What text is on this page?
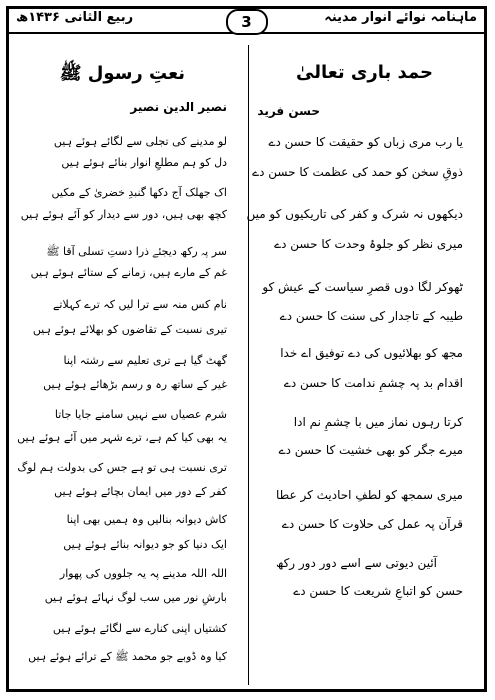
ماہنامہ نوائے انوار مدینہ
3
ربیع الثانی ۱۴۳۶ھ
حمد باری تعالیٰ
حسن فرید
یا رب مری زباں کو حقیقت کا حسن دے
ذوقِ سخن کو حمد کی عظمت کا حسن دے
دیکھوں نہ شرک و کفر کی تاریکیوں کو میں
میری نظر کو جلوۂ وحدت کا حسن دے
ٹھوکر لگا دوں قصرِ سیاست کے عیش کو
طیبہ کے تاجدار کی سنت کا حسن دے
مجھ کو بھلائیوں کی دے توفیق اے خدا
اقدام بد پہ چشمِ ندامت کا حسن دے
کرتا رہوں نماز میں با چشمِ نم ادا
میرے جگر کو بھی خشیت کا حسن دے
میری سمجھ کو لطفِ احادیث کر عطا
قرآن پہ عمل کی حلاوت کا حسن دے
آئین دیوتی سے اسے دور دور رکھ
حسن کو اتباعِ شریعت کا حسن دے
نعتِ رسول ﷺ
نصیر الدین نصیر
لو مدینے کی تجلی سے لگائے ہوئے ہیں
دل کو ہم مطلعِ انوار بنائے ہوئے ہیں
اک جھلک آج دکھا گنبدِ خضریٰ کے مکیں
کچھ بھی ہیں، دور سے دیدار کو آئے ہوئے ہیں
سر پہ رکھ دیجئے ذرا دستِ تسلی آقا ﷺ
غم کے مارے ہیں، زمانے کے ستائے ہوئے ہیں
نام کس منہ سے ترا لیں کہ ترے کہلاتے
تیری نسبت کے تقاضوں کو بھلائے ہوئے ہیں
گھٹ گیا ہے تری تعلیم سے رشتہ اپنا
غیر کے ساتھ رہ و رسم بڑھائے ہوئے ہیں
شرم عصیاں سے نہیں سامنے جایا جاتا
یہ بھی کیا کم ہے، ترے شہر میں آئے ہوئے ہیں
تری نسبت ہی تو ہے جس کی بدولت ہم لوگ
کفر کے دور میں ایمان بچائے ہوئے ہیں
کاش دیوانہ بنالیں وہ ہمیں بھی اپنا
ایک دنیا کو جو دیوانہ بنائے ہوئے ہیں
اللہ اللہ مدینے پہ یہ جلووں کی پھوار
بارشِ نور میں سب لوگ نہائے ہوئے ہیں
کشتیاں اپنی کنارے سے لگائے ہوئے ہیں
کیا وہ ڈوبے جو محمد ﷺ کے ترائے ہوئے ہیں
